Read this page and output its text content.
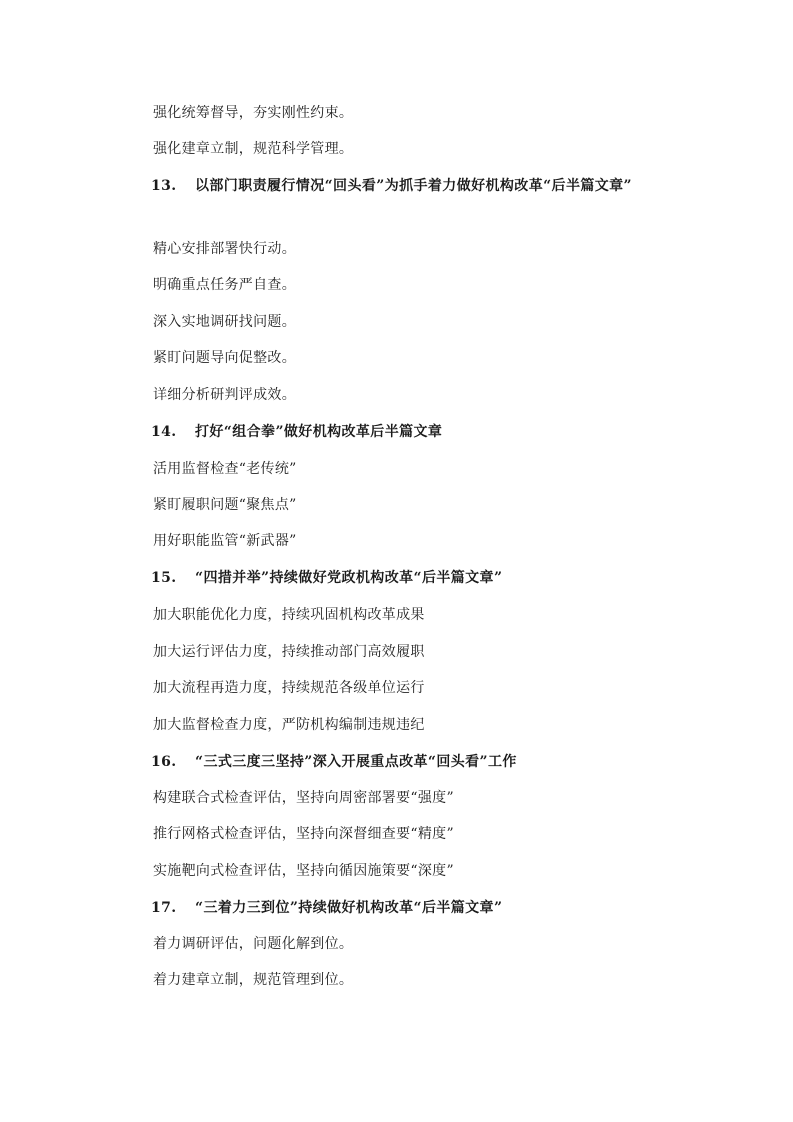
强化统筹督导，夯实刚性约束。
强化建章立制，规范科学管理。
13. 以部门职责履行情况“回头看”为抓手着力做好机构改革“后半篇文章”
精心安排部署快行动。
明确重点任务严自查。
深入实地调研找问题。
紧盯问题导向促整改。
详细分析研判评成效。
14. 打好“组合拳”做好机构改革后半篇文章
活用监督检查“老传统”
紧盯履职问题“聚焦点”
用好职能监管“新武器”
15. “四措并举”持续做好党政机构改革“后半篇文章”
加大职能优化力度，持续巩固机构改革成果
加大运行评估力度，持续推动部门高效履职
加大流程再造力度，持续规范各级单位运行
加大监督检查力度，严防机构编制违规违纪
16. “三式三度三坚持”深入开展重点改革“回头看”工作
构建联合式检查评估，坚持向周密部署要“强度”
推行网格式检查评估，坚持向深督细查要“精度”
实施靶向式检查评估，坚持向循因施策要“深度”
17. “三着力三到位”持续做好机构改革“后半篇文章”
着力调研评估，问题化解到位。
着力建章立制，规范管理到位。
